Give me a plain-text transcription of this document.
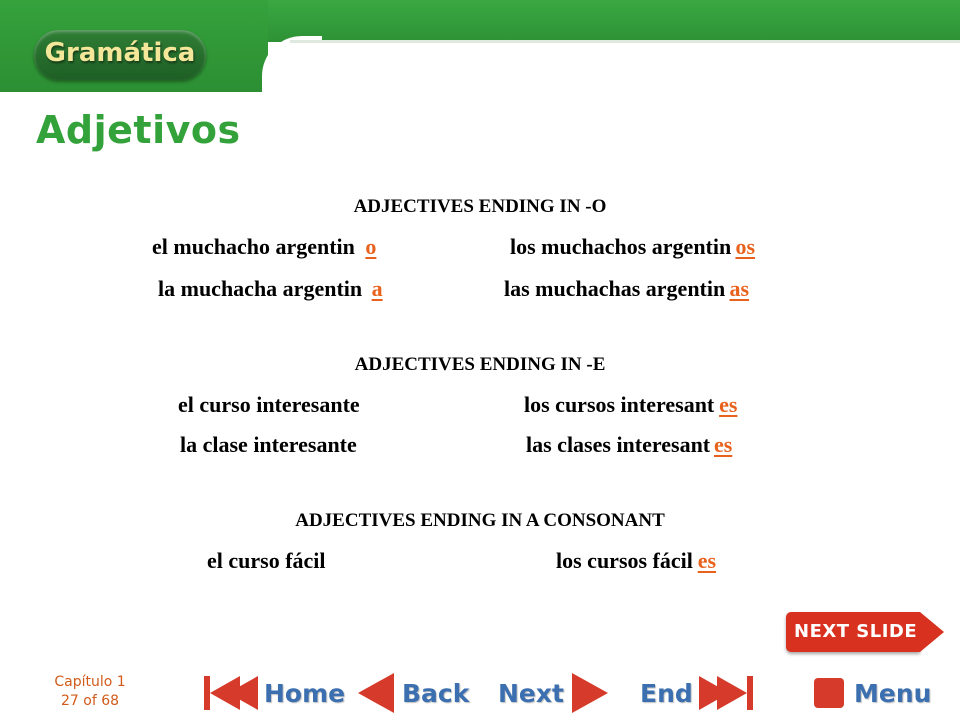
Gramática
Adjetivos
ADJECTIVES ENDING IN -O
el muchacho argentin o	los muchachos argentin os
la muchacha argentin a	las muchachas argentin as
ADJECTIVES ENDING IN -E
el curso interesante	los cursos interesant es
la clase interesante	las clases interesant es
ADJECTIVES ENDING IN A CONSONANT
el curso fácil	los cursos fácil es
NEXT SLIDE
Capítulo 1
27 of 68	Home Back Next	End	Menu
